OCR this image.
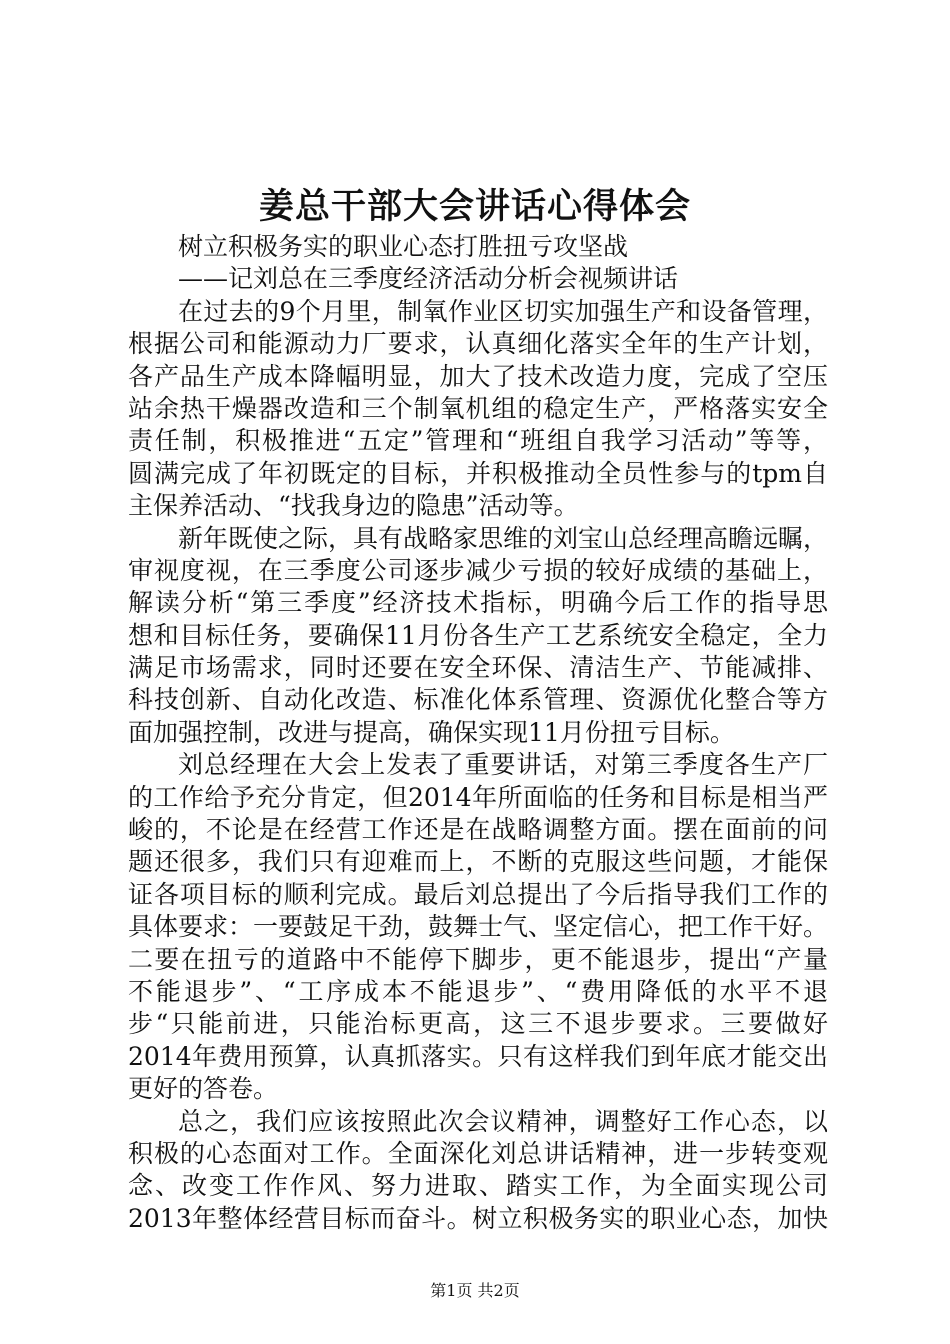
姜总干部大会讲话心得体会
树立积极务实的职业心态打胜扭亏攻坚战
——记刘总在三季度经济活动分析会视频讲话
在过去的9个月里，制氧作业区切实加强生产和设备管理，
根据公司和能源动力厂要求，认真细化落实全年的生产计划，
各产品生产成本降幅明显，加大了技术改造力度，完成了空压
站余热干燥器改造和三个制氧机组的稳定生产，严格落实安全
责任制，积极推进“五定”管理和“班组自我学习活动”等等，
圆满完成了年初既定的目标，并积极推动全员性参与的tpm自
主保养活动、“找我身边的隐患”活动等。
新年既使之际，具有战略家思维的刘宝山总经理高瞻远瞩，
审视度视，在三季度公司逐步减少亏损的较好成绩的基础上，
解读分析“第三季度”经济技术指标，明确今后工作的指导思
想和目标任务，要确保11月份各生产工艺系统安全稳定，全力
满足市场需求，同时还要在安全环保、清洁生产、节能减排、
科技创新、自动化改造、标准化体系管理、资源优化整合等方
面加强控制，改进与提高，确保实现11月份扭亏目标。
刘总经理在大会上发表了重要讲话，对第三季度各生产厂
的工作给予充分肯定，但2014年所面临的任务和目标是相当严
峻的，不论是在经营工作还是在战略调整方面。摆在面前的问
题还很多，我们只有迎难而上，不断的克服这些问题，才能保
证各项目标的顺利完成。最后刘总提出了今后指导我们工作的
具体要求：一要鼓足干劲，鼓舞士气、坚定信心，把工作干好。
二要在扭亏的道路中不能停下脚步，更不能退步，提出“产量
不能退步”、“工序成本不能退步”、“费用降低的水平不退
步“只能前进，只能治标更高，这三不退步要求。三要做好
2014年费用预算，认真抓落实。只有这样我们到年底才能交出
更好的答卷。
总之，我们应该按照此次会议精神，调整好工作心态，以
积极的心态面对工作。全面深化刘总讲话精神，进一步转变观
念、改变工作作风、努力进取、踏实工作，为全面实现公司
2013年整体经营目标而奋斗。树立积极务实的职业心态，加快
第1页 共2页
